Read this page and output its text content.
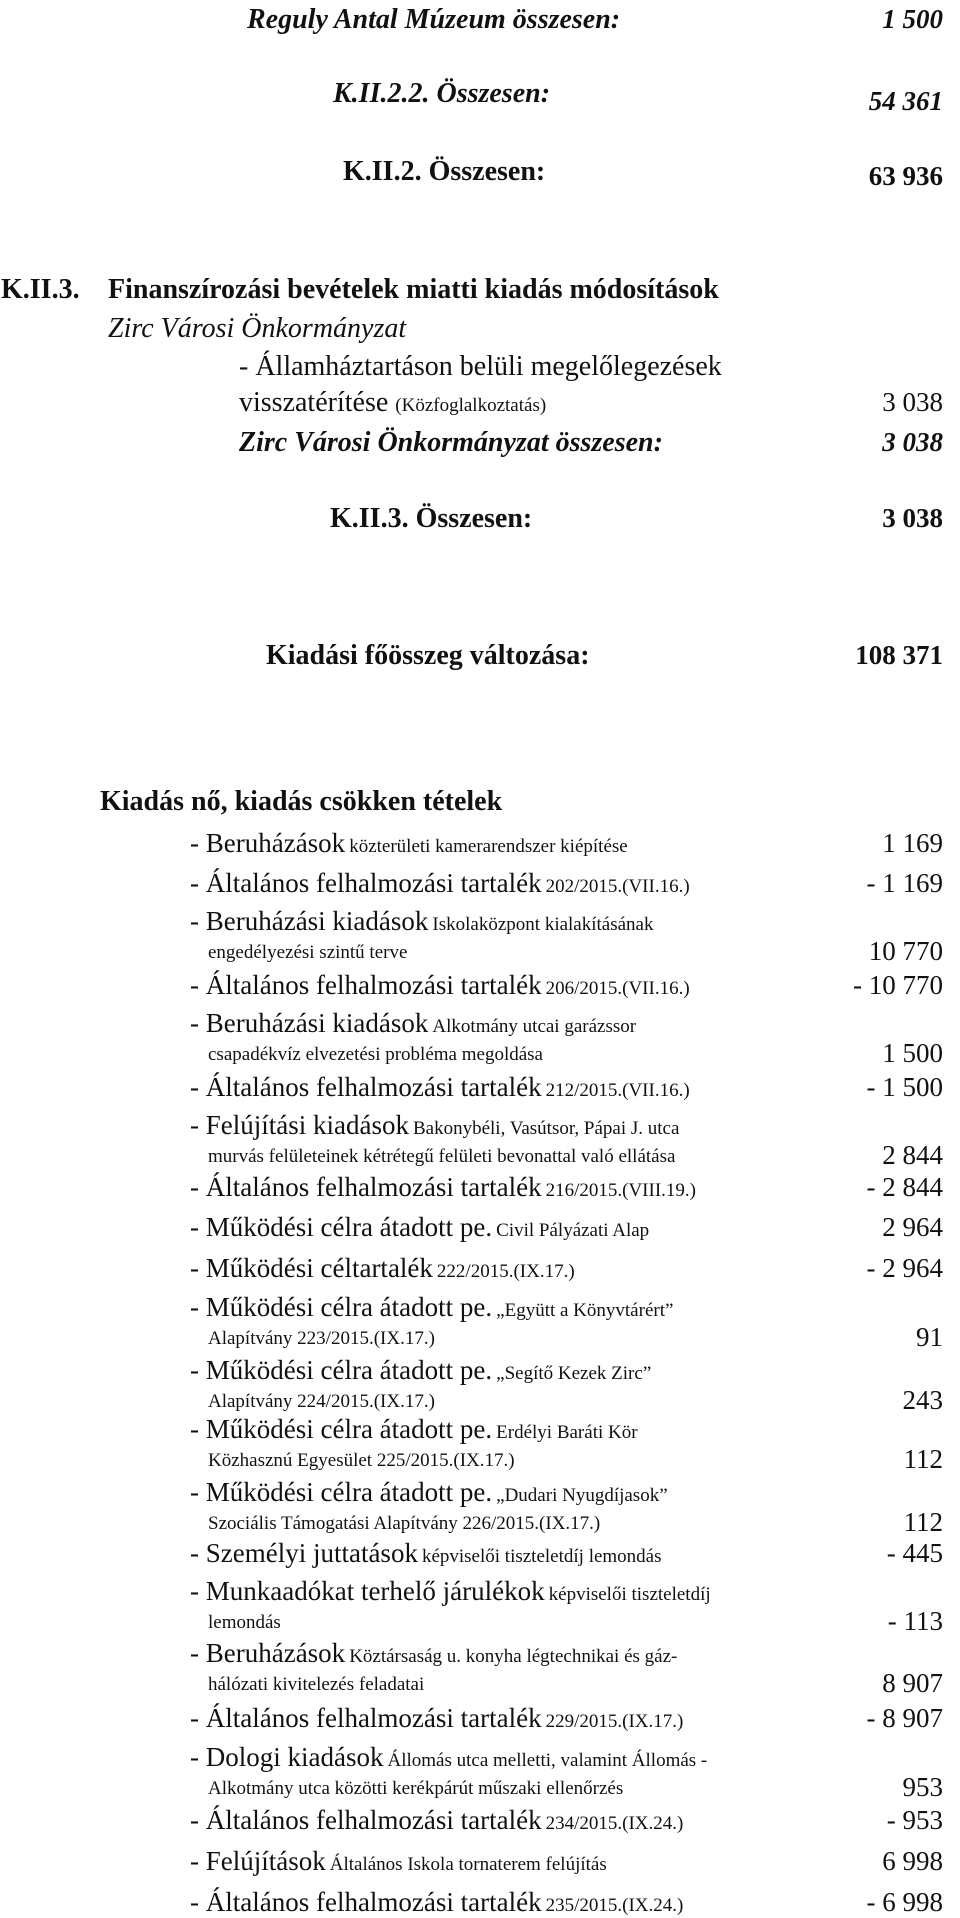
Reguly Antal Múzeum összesen:	1 500
K.II.2.2. Összesen:	54 361
K.II.2. Összesen:	63 936
K.II.3. Finanszírozási bevételek miatti kiadás módosítások
Zirc Városi Önkormányzat
- Államháztartáson belüli megelőlegezések
visszatérítése (Közfoglalkoztatás)	3 038
Zirc Városi Önkormányzat összesen:	3 038
K.II.3. Összesen:	3 038
Kiadási főösszeg változása:	108 371
Kiadás nő, kiadás csökken tételek
- Beruházások közterületi kamerarendszer kiépítése	1 169
- Általános felhalmozási tartalék 202/2015.(VII.16.)	- 1 169
- Beruházási kiadások Iskolaközpont kialakításának
engedélyezési szintű terve	10 770
- Általános felhalmozási tartalék 206/2015.(VII.16.)	- 10 770
- Beruházási kiadások Alkotmány utcai garázssor
csapadékvíz elvezetési probléma megoldása	1 500
- Általános felhalmozási tartalék 212/2015.(VII.16.)	- 1 500
- Felújítási kiadások Bakonybéli, Vasútsor, Pápai J. utca
murvás felületeinek kétrétegű felületi bevonattal való ellátása	2 844
- Általános felhalmozási tartalék 216/2015.(VIII.19.)	- 2 844
- Működési célra átadott pe. Civil Pályázati Alap	2 964
- Működési céltartalék 222/2015.(IX.17.)	- 2 964
- Működési célra átadott pe. „Együtt a Könyvtárért”
Alapítvány 223/2015.(IX.17.)	91
- Működési célra átadott pe. „Segítő Kezek Zirc”
Alapítvány 224/2015.(IX.17.)	243
- Működési célra átadott pe. Erdélyi Baráti Kör
Közhasznú Egyesület 225/2015.(IX.17.)	112
- Működési célra átadott pe. „Dudari Nyugdíjasok”
Szociális Támogatási Alapítvány 226/2015.(IX.17.)	112
- Személyi juttatások képviselői tiszteletdíj lemondás	- 445
- Munkaadókat terhelő járulékok képviselői tiszteletdíj
lemondás	- 113
- Beruházások Köztársaság u. konyha légtechnikai és gáz-
hálózati kivitelezés feladatai	8 907
- Általános felhalmozási tartalék 229/2015.(IX.17.)	- 8 907
- Dologi kiadások Állomás utca melletti, valamint Állomás -
Alkotmány utca közötti kerékpárút műszaki ellenőrzés	953
- Általános felhalmozási tartalék 234/2015.(IX.24.)	- 953
- Felújítások Általános Iskola tornaterem felújítás	6 998
- Általános felhalmozási tartalék 235/2015.(IX.24.)	- 6 998
